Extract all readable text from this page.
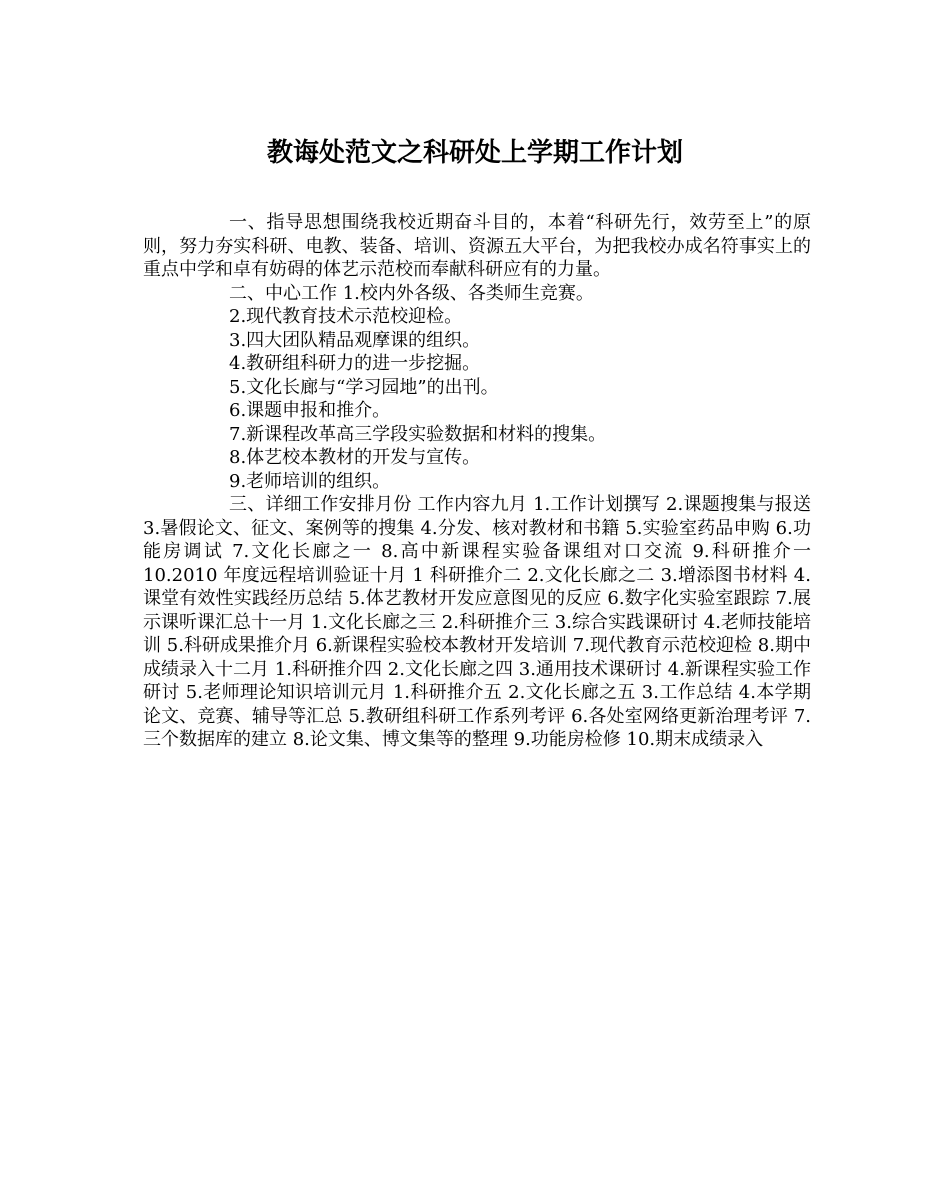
教诲处范文之科研处上学期工作计划

一、指导思想围绕我校近期奋斗目的，本着“科研先行，效劳至上”的原则，努力夯实科研、电教、装备、培训、资源五大平台，为把我校办成名符事实上的重点中学和卓有妨碍的体艺示范校而奉献科研应有的力量。

二、中心工作 1.校内外各级、各类师生竞赛。

2.现代教育技术示范校迎检。

3.四大团队精品观摩课的组织。

4.教研组科研力的进一步挖掘。

5.文化长廊与“学习园地”的出刊。

6.课题申报和推介。

7.新课程改革高三学段实验数据和材料的搜集。

8.体艺校本教材的开发与宣传。

9.老师培训的组织。

三、详细工作安排月份 工作内容九月 1.工作计划撰写 2.课题搜集与报送 3.暑假论文、征文、案例等的搜集 4.分发、核对教材和书籍 5.实验室药品申购 6.功能房调试 7.文化长廊之一 8.高中新课程实验备课组对口交流 9.科研推介一 10.2010 年度远程培训验证十月 1 科研推介二 2.文化长廊之二 3.增添图书材料 4.课堂有效性实践经历总结 5.体艺教材开发应意图见的反应 6.数字化实验室跟踪 7.展示课听课汇总十一月 1.文化长廊之三 2.科研推介三 3.综合实践课研讨 4.老师技能培训 5.科研成果推介月 6.新课程实验校本教材开发培训 7.现代教育示范校迎检 8.期中成绩录入十二月 1.科研推介四 2.文化长廊之四 3.通用技术课研讨 4.新课程实验工作研讨 5.老师理论知识培训元月 1.科研推介五 2.文化长廊之五 3.工作总结 4.本学期论文、竞赛、辅导等汇总 5.教研组科研工作系列考评 6.各处室网络更新治理考评 7.三个数据库的建立 8.论文集、博文集等的整理 9.功能房检修 10.期末成绩录入
